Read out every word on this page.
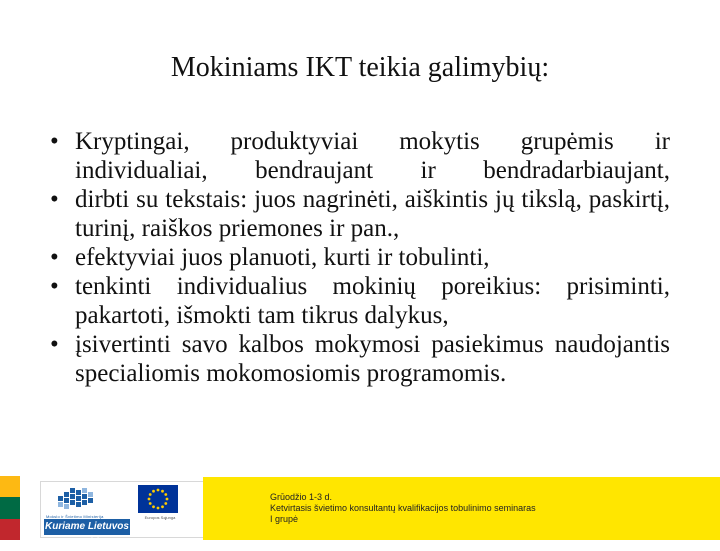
Mokiniams IKT teikia galimybių:
• Kryptingai, produktyviai mokytis grupėmis ir individualiai, bendraujant ir bendradarbiaujant,
• dirbti su tekstais: juos nagrinėti, aiškintis jų tikslą, paskirtį, turinį, raiškos priemones ir pan.,
• efektyviai juos planuoti, kurti ir tobulinti,
• tenkinti individualius mokinių poreikius: prisiminti, pakartoti, išmokti tam tikrus dalykus,
• įsivertinti savo kalbos mokymosi pasiekimus naudojantis specialiomis mokomosiomis programomis.
Mokslo ir Švietimo Ministerija
Kuriame Lietuvos ateitį
Europos Sąjunga
Grūodžio 1-3 d.
Ketvirtasis švietimo konsultantų kvalifikacijos tobulinimo seminaras
I grupė
